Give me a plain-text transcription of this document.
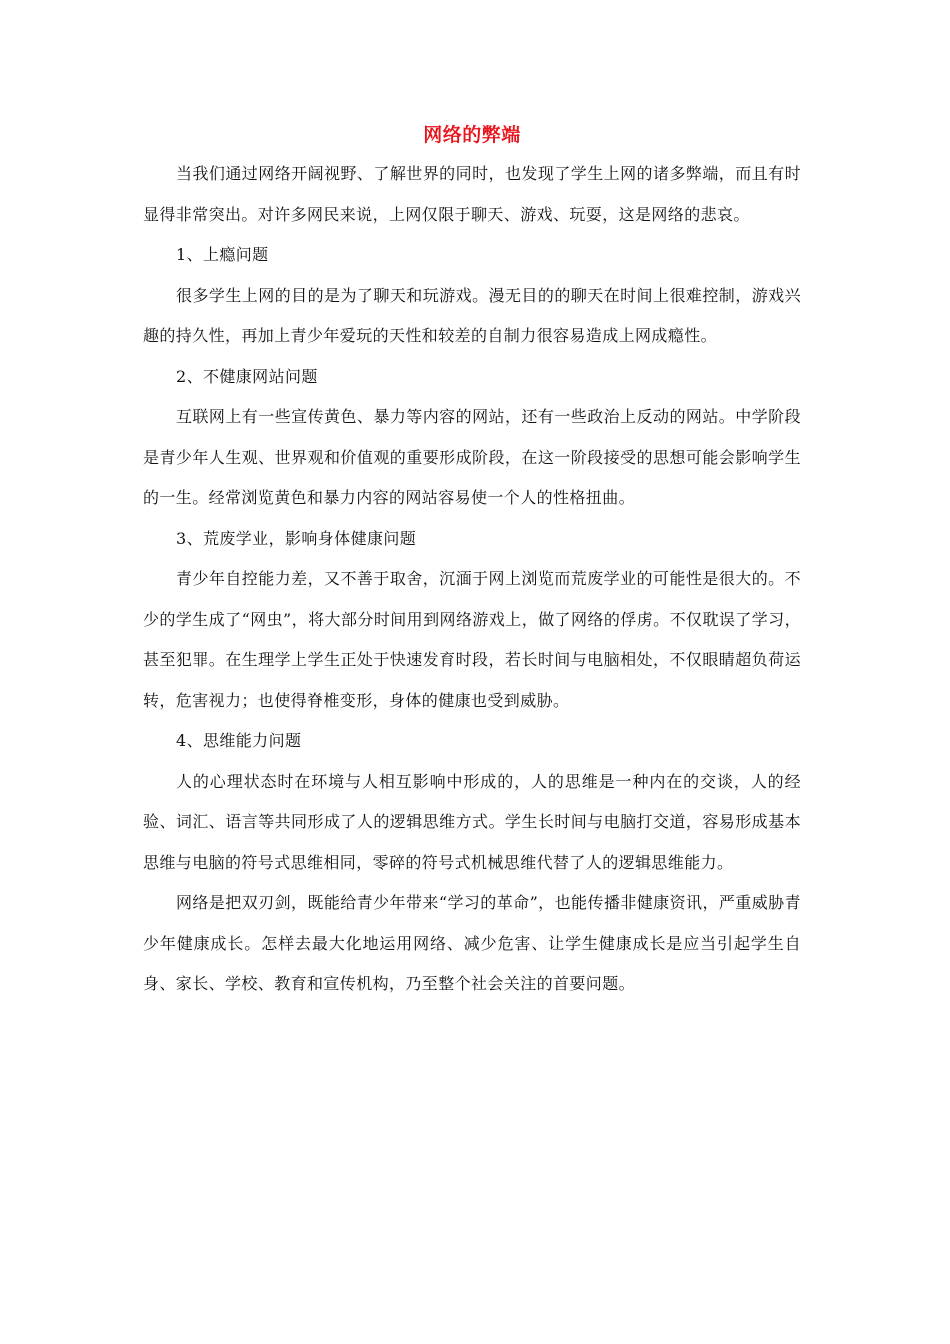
网络的弊端

当我们通过网络开阔视野、了解世界的同时，也发现了学生上网的诸多弊端，而且有时显得非常突出。对许多网民来说，上网仅限于聊天、游戏、玩耍，这是网络的悲哀。

1、上瘾问题

很多学生上网的目的是为了聊天和玩游戏。漫无目的的聊天在时间上很难控制，游戏兴趣的持久性，再加上青少年爱玩的天性和较差的自制力很容易造成上网成瘾性。

2、不健康网站问题

互联网上有一些宣传黄色、暴力等内容的网站，还有一些政治上反动的网站。中学阶段是青少年人生观、世界观和价值观的重要形成阶段，在这一阶段接受的思想可能会影响学生的一生。经常浏览黄色和暴力内容的网站容易使一个人的性格扭曲。

3、荒废学业，影响身体健康问题

青少年自控能力差，又不善于取舍，沉湎于网上浏览而荒废学业的可能性是很大的。不少的学生成了“网虫”，将大部分时间用到网络游戏上，做了网络的俘虏。不仅耽误了学习，甚至犯罪。在生理学上学生正处于快速发育时段，若长时间与电脑相处，不仅眼睛超负荷运转，危害视力；也使得脊椎变形，身体的健康也受到威胁。

4、思维能力问题

人的心理状态时在环境与人相互影响中形成的，人的思维是一种内在的交谈，人的经验、词汇、语言等共同形成了人的逻辑思维方式。学生长时间与电脑打交道，容易形成基本思维与电脑的符号式思维相同，零碎的符号式机械思维代替了人的逻辑思维能力。

网络是把双刃剑，既能给青少年带来“学习的革命”，也能传播非健康资讯，严重威胁青少年健康成长。怎样去最大化地运用网络、减少危害、让学生健康成长是应当引起学生自身、家长、学校、教育和宣传机构，乃至整个社会关注的首要问题。
